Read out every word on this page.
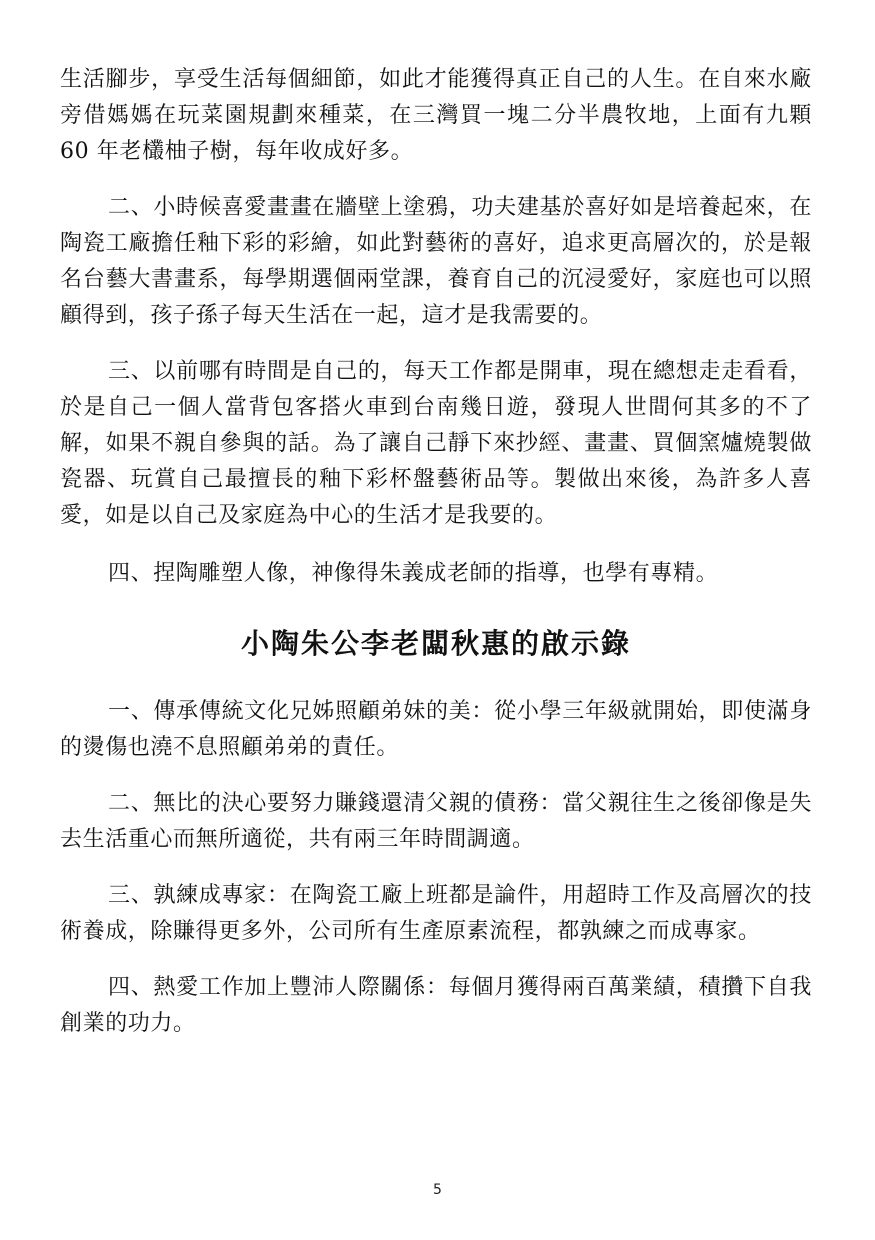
生活腳步，享受生活每個細節，如此才能獲得真正自己的人生。在自來水廠旁借媽媽在玩菜園規劃來種菜，在三灣買一塊二分半農牧地，上面有九顆 60 年老欉柚子樹，每年收成好多。

二、小時候喜愛畫畫在牆壁上塗鴉，功夫建基於喜好如是培養起來，在陶瓷工廠擔任釉下彩的彩繪，如此對藝術的喜好，追求更高層次的，於是報名台藝大書畫系，每學期選個兩堂課，養育自己的沉浸愛好，家庭也可以照顧得到，孩子孫子每天生活在一起，這才是我需要的。

三、以前哪有時間是自己的，每天工作都是開車，現在總想走走看看，於是自己一個人當背包客搭火車到台南幾日遊，發現人世間何其多的不了解，如果不親自參與的話。為了讓自己靜下來抄經、畫畫、買個窯爐燒製做瓷器、玩賞自己最擅長的釉下彩杯盤藝術品等。製做出來後，為許多人喜愛，如是以自己及家庭為中心的生活才是我要的。

四、捏陶雕塑人像，神像得朱義成老師的指導，也學有專精。

小陶朱公李老闆秋惠的啟示錄

一、傳承傳統文化兄姊照顧弟妹的美：從小學三年級就開始，即使滿身的燙傷也澆不息照顧弟弟的責任。

二、無比的決心要努力賺錢還清父親的債務：當父親往生之後卻像是失去生活重心而無所適從，共有兩三年時間調適。

三、孰練成專家：在陶瓷工廠上班都是論件，用超時工作及高層次的技術養成，除賺得更多外，公司所有生產原素流程，都孰練之而成專家。

四、熱愛工作加上豐沛人際關係：每個月獲得兩百萬業績，積攢下自我創業的功力。

5
